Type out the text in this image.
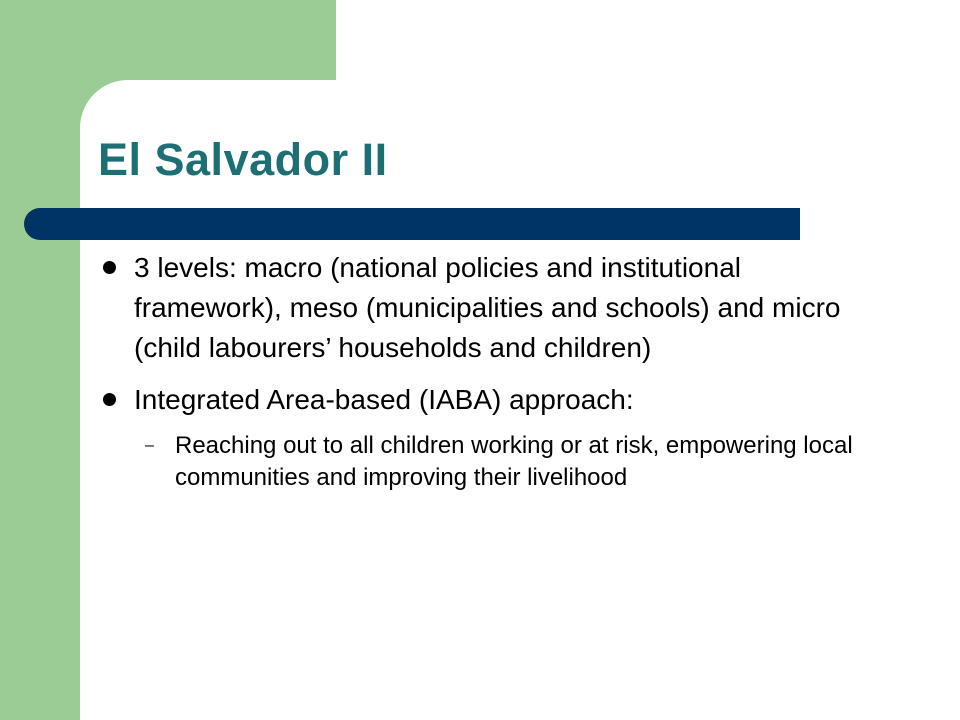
El Salvador II
3 levels: macro (national policies and institutional framework), meso (municipalities and schools) and micro (child labourers’ households and children)
Integrated Area-based (IABA) approach:
– Reaching out to all children working or at risk, empowering local communities and improving their livelihood
